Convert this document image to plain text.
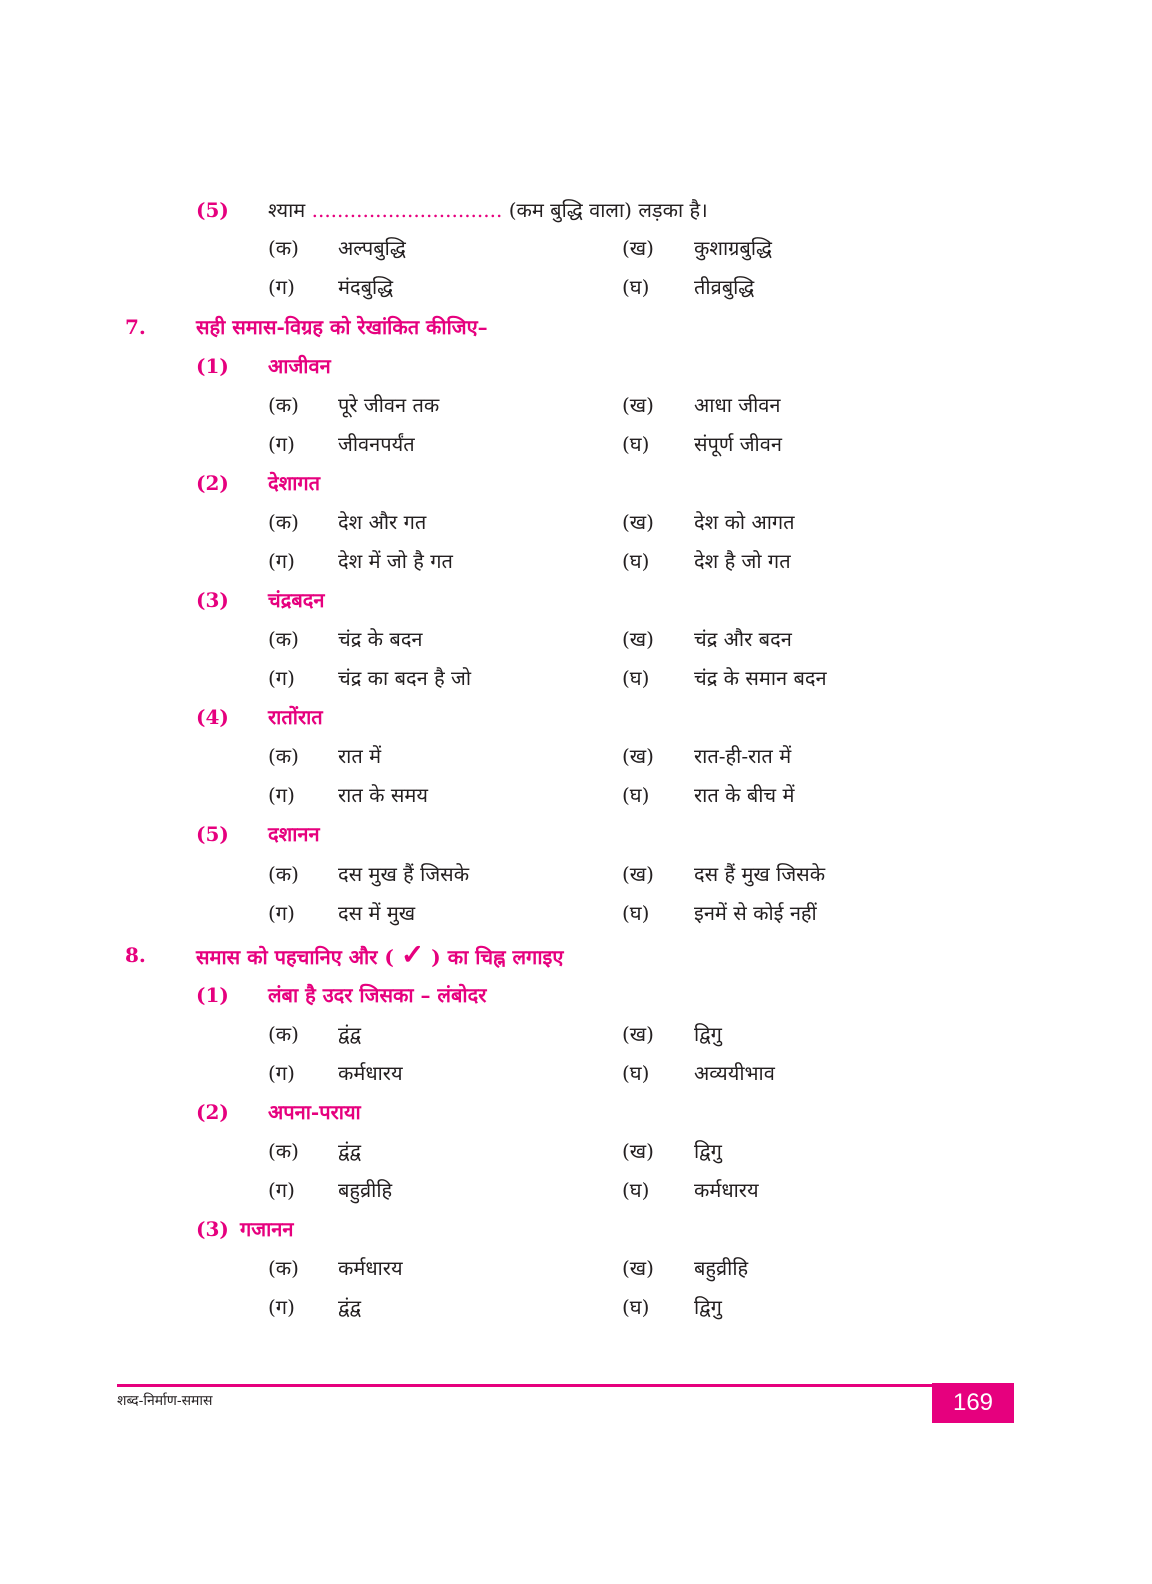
(5) श्याम .............................. (कम बुद्धि वाला) लड़का है।
(क) अल्पबुद्धि	(ख) कुशाग्रबुद्धि
(ग) मंदबुद्धि	(घ) तीव्रबुद्धि
7.	सही समास-विग्रह को रेखांकित कीजिए–
(1) आजीवन
(क) पूरे जीवन तक	(ख) आधा जीवन
(ग) जीवनपर्यंत	(घ) संपूर्ण जीवन
(2) देशागत
(क) देश और गत	(ख) देश को आगत
(ग) देश में जो है गत	(घ) देश है जो गत
(3) चंद्रबदन
(क) चंद्र के बदन	(ख) चंद्र और बदन
(ग) चंद्र का बदन है जो	(घ) चंद्र के समान बदन
(4) रातोंरात
(क) रात में	(ख) रात-ही-रात में
(ग) रात के समय	(घ) रात के बीच में
(5) दशानन
(क) दस मुख हैं जिसके	(ख) दस हैं मुख जिसके
(ग) दस में मुख	(घ) इनमें से कोई नहीं
8.	समास को पहचानिए और ( ✓ ) का चिह्न लगाइए
(1) लंबा है उदर जिसका – लंबोदर
(क) द्वंद्व	(ख) द्विगु
(ग) कर्मधारय	(घ) अव्ययीभाव
(2) अपना-पराया
(क) द्वंद्व	(ख) द्विगु
(ग) बहुव्रीहि	(घ) कर्मधारय
(3) गजानन
(क) कर्मधारय	(ख) बहुव्रीहि
(ग) द्वंद्व	(घ) द्विगु
शब्द-निर्माण-समास	169
